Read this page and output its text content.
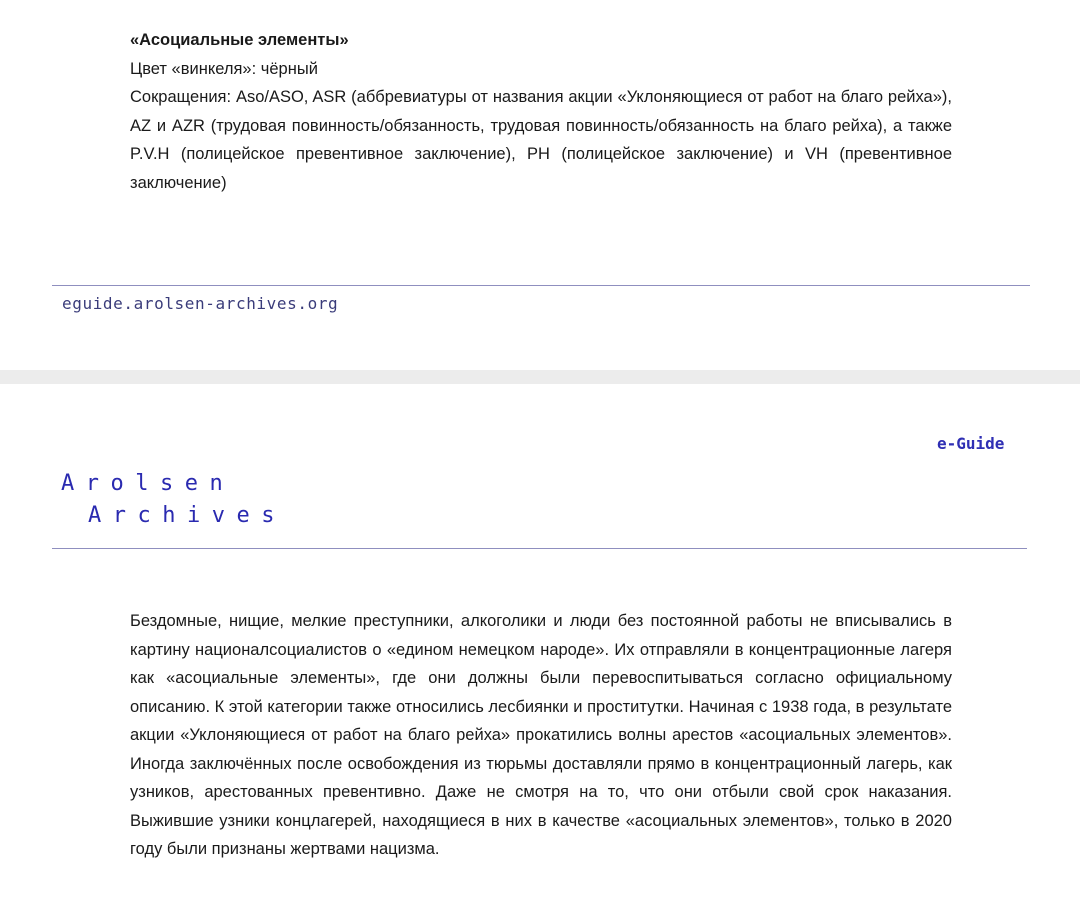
«Асоциальные элементы»

Цвет «винкеля»: чёрный

Сокращения: Aso/ASO, ASR (аббревиатуры от названия акции «Уклоняющиеся от работ на благо рейха»), AZ и AZR (трудовая повинность/обязанность, трудовая повинность/обязанность на благо рейха), а также P.V.H (полицейское превентивное заключение), PH (полицейское заключение) и VH (превентивное заключение)

eguide.arolsen-archives.org
e-Guide
Arolsen
Archives

Бездомные, нищие, мелкие преступники, алкоголики и люди без постоянной работы не вписывались в картину националсоциалистов о «едином немецком народе». Их отправляли в концентрационные лагеря как «асоциальные элементы», где они должны были перевоспитываться согласно официальному описанию. К этой категории также относились лесбиянки и проститутки. Начиная с 1938 года, в результате акции «Уклоняющиеся от работ на благо рейха» прокатились волны арестов «асоциальных элементов». Иногда заключённых после освобождения из тюрьмы доставляли прямо в концентрационный лагерь, как узников, арестованных превентивно. Даже не смотря на то, что они отбыли свой срок наказания. Выжившие узники концлагерей, находящиеся в них в качестве «асоциальных элементов», только в 2020 году были признаны жертвами нацизма.
